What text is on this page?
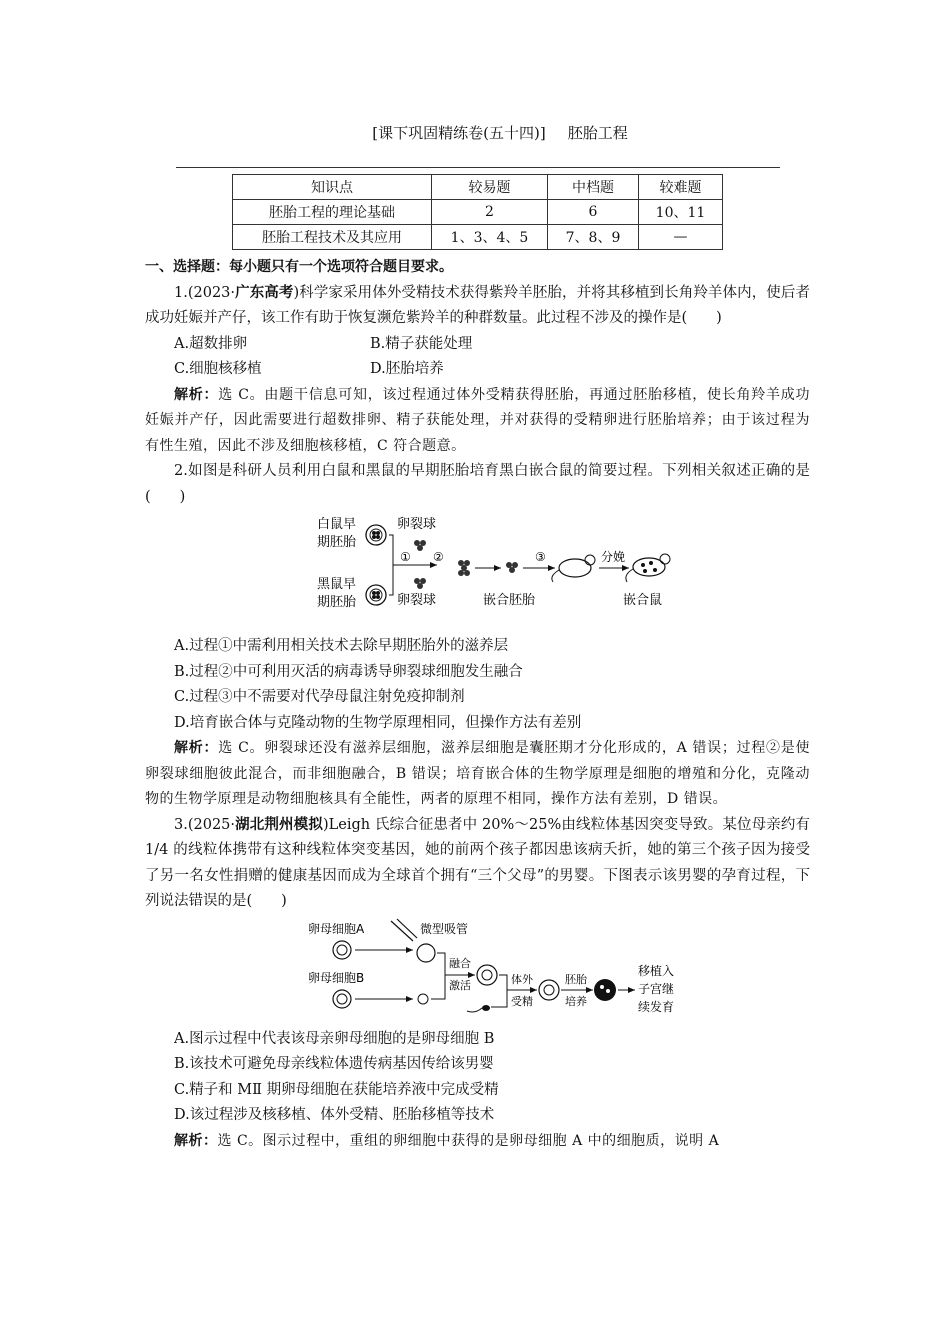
[课下巩固精练卷(五十四)] 胚胎工程
知识点	较易题	中档题	较难题
胚胎工程的理论基础	2	6	10、11
胚胎工程技术及其应用	1、3、4、5	7、8、9	—

一、选择题：每小题只有一个选项符合题目要求。

1.(2023·广东高考)科学家采用体外受精技术获得紫羚羊胚胎，并将其移植到长角羚羊体内，使后者成功妊娠并产仔，该工作有助于恢复濒危紫羚羊的种群数量。此过程不涉及的操作是(　　)

A.超数排卵	B.精子获能处理
C.细胞核移植	D.胚胎培养

解析：选 C。由题干信息可知，该过程通过体外受精获得胚胎，再通过胚胎移植，使长角羚羊成功妊娠并产仔，因此需要进行超数排卵、精子获能处理，并对获得的受精卵进行胚胎培养；由于该过程为有性生殖，因此不涉及细胞核移植，C 符合题意。

2.如图是科研人员利用白鼠和黑鼠的早期胚胎培育黑白嵌合鼠的简要过程。下列相关叙述正确的是(　　)

白鼠早
期胚胎
黑鼠早
期胚胎
①
卵裂球
卵裂球
②
嵌合胚胎
③	分娩
嵌合鼠

A.过程①中需利用相关技术去除早期胚胎外的滋养层

B.过程②中可利用灭活的病毒诱导卵裂球细胞发生融合

C.过程③中不需要对代孕母鼠注射免疫抑制剂

D.培育嵌合体与克隆动物的生物学原理相同，但操作方法有差别

解析：选 C。卵裂球还没有滋养层细胞，滋养层细胞是囊胚期才分化形成的，A 错误；过程②是使卵裂球细胞彼此混合，而非细胞融合，B 错误；培育嵌合体的生物学原理是细胞的增殖和分化，克隆动物的生物学原理是动物细胞核具有全能性，两者的原理不相同，操作方法有差别，D 错误。

3.(2025·湖北荆州模拟)Leigh 氏综合征患者中 20%～25%由线粒体基因突变导致。某位母亲约有 1/4 的线粒体携带有这种线粒体突变基因，她的前两个孩子都因患该病夭折，她的第三个孩子因为接受了另一名女性捐赠的健康基因而成为全球首个拥有“三个父母”的男婴。下图表示该男婴的孕育过程，下列说法错误的是(　　)

卵母细胞A	微型吸管
卵母细胞B
融合
激活	体外
受精
胚胎
培养
移植入
子宫继
续发育

A.图示过程中代表该母亲卵母细胞的是卵母细胞 B

B.该技术可避免母亲线粒体遗传病基因传给该男婴

C.精子和 MⅡ 期卵母细胞在获能培养液中完成受精

D.该过程涉及核移植、体外受精、胚胎移植等技术

解析：选 C。图示过程中，重组的卵细胞中获得的是卵母细胞 A 中的细胞质，说明 A
